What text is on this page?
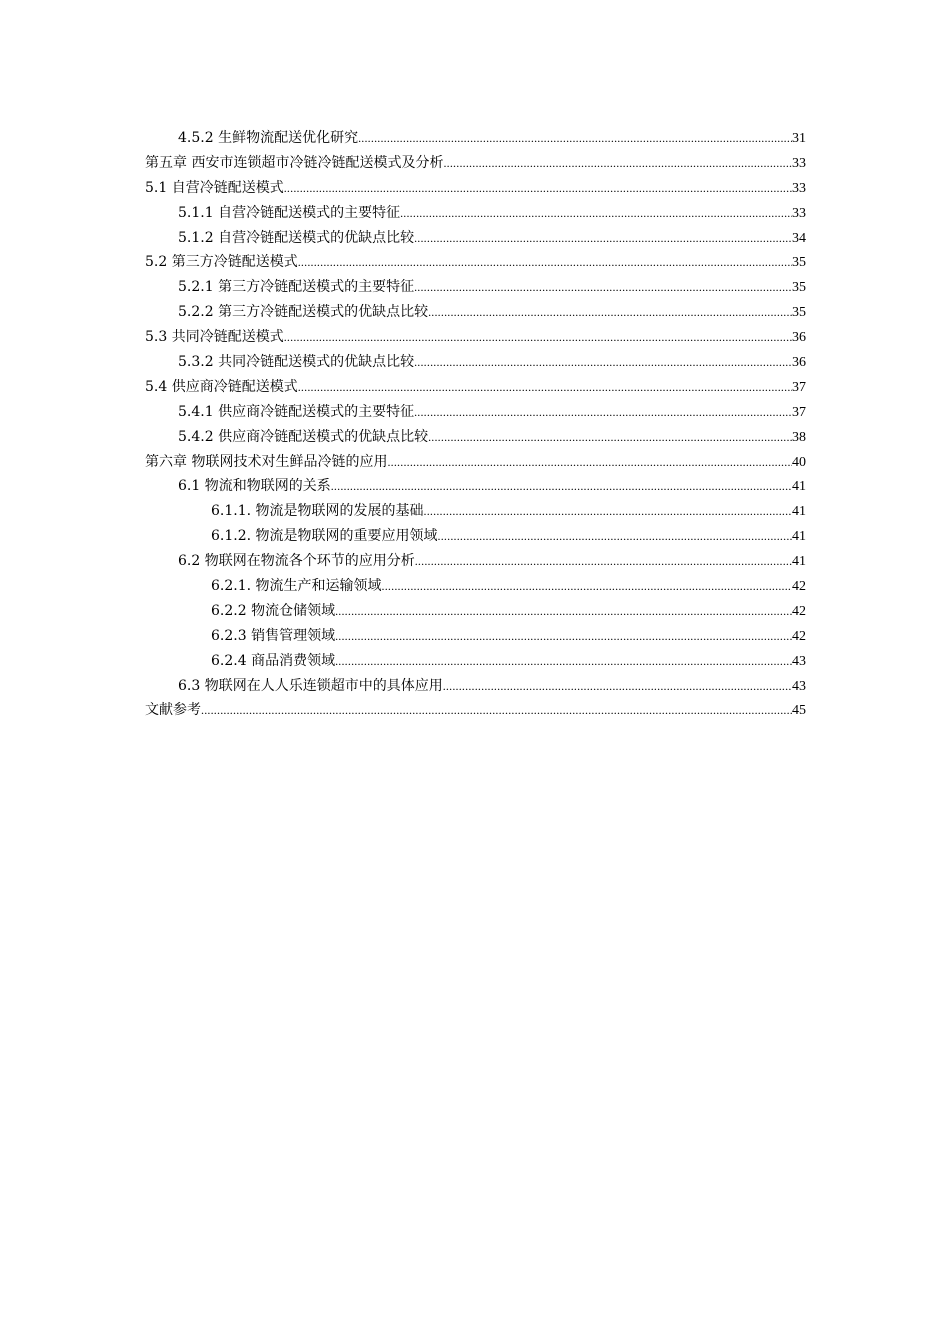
4.5.2 生鲜物流配送优化研究 .....	31
第五章 西安市连锁超市冷链冷链配送模式及分析 .....	33
5.1 自营冷链配送模式 .....	33
5.1.1 自营冷链配送模式的主要特征 .....	33
5.1.2 自营冷链配送模式的优缺点比较 .....	34
5.2 第三方冷链配送模式 .....	35
5.2.1 第三方冷链配送模式的主要特征 .....	35
5.2.2 第三方冷链配送模式的优缺点比较 .....	35
5.3 共同冷链配送模式 .....	36
5.3.2 共同冷链配送模式的优缺点比较 .....	36
5.4 供应商冷链配送模式 .....	37
5.4.1 供应商冷链配送模式的主要特征 .....	37
5.4.2 供应商冷链配送模式的优缺点比较 .....	38
第六章 物联网技术对生鲜品冷链的应用 .....	40
6.1 物流和物联网的关系 .....	41
6.1.1. 物流是物联网的发展的基础 .....	41
6.1.2. 物流是物联网的重要应用领域 .....	41
6.2 物联网在物流各个环节的应用分析 .....	41
6.2.1. 物流生产和运输领域 .....	42
6.2.2 物流仓储领域 .....	42
6.2.3 销售管理领域 .....	42
6.2.4 商品消费领域 .....	43
6.3 物联网在人人乐连锁超市中的具体应用 .....	43
文献参考 .....	45
